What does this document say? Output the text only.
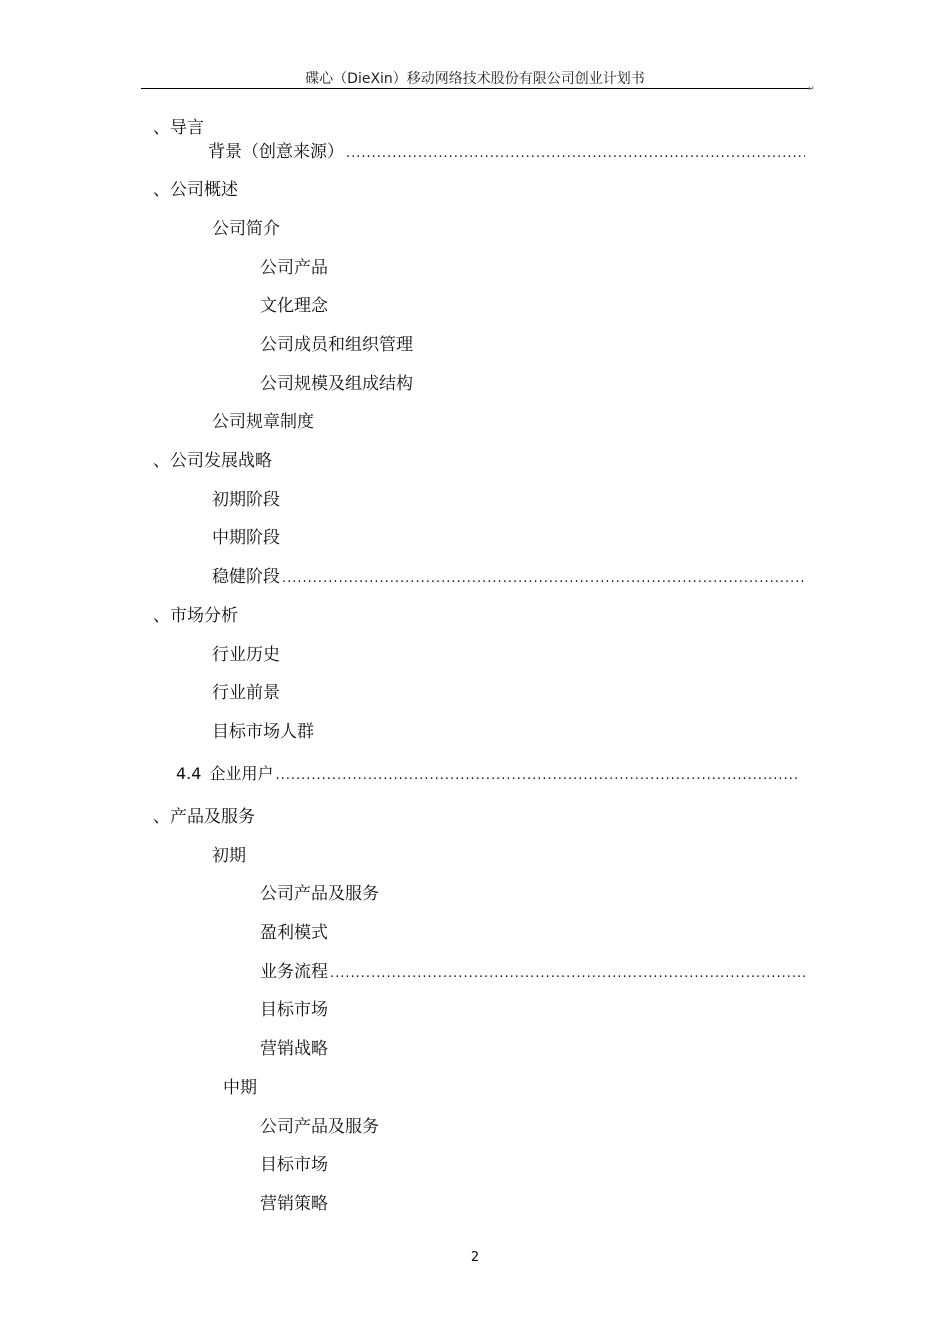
碟心（DieXin）移动网络技术股份有限公司创业计划书
↵
、导言
背景（创意来源）
.....
、公司概述
公司简介
公司产品
文化理念
公司成员和组织管理
公司规模及组成结构
公司规章制度
、公司发展战略
初期阶段
中期阶段
稳健阶段
.....
、市场分析
行业历史
行业前景
目标市场人群
4.4 企业用户
.....
、产品及服务
初期
公司产品及服务
盈利模式
业务流程
.....
目标市场
营销战略
中期
公司产品及服务
目标市场
营销策略
2
